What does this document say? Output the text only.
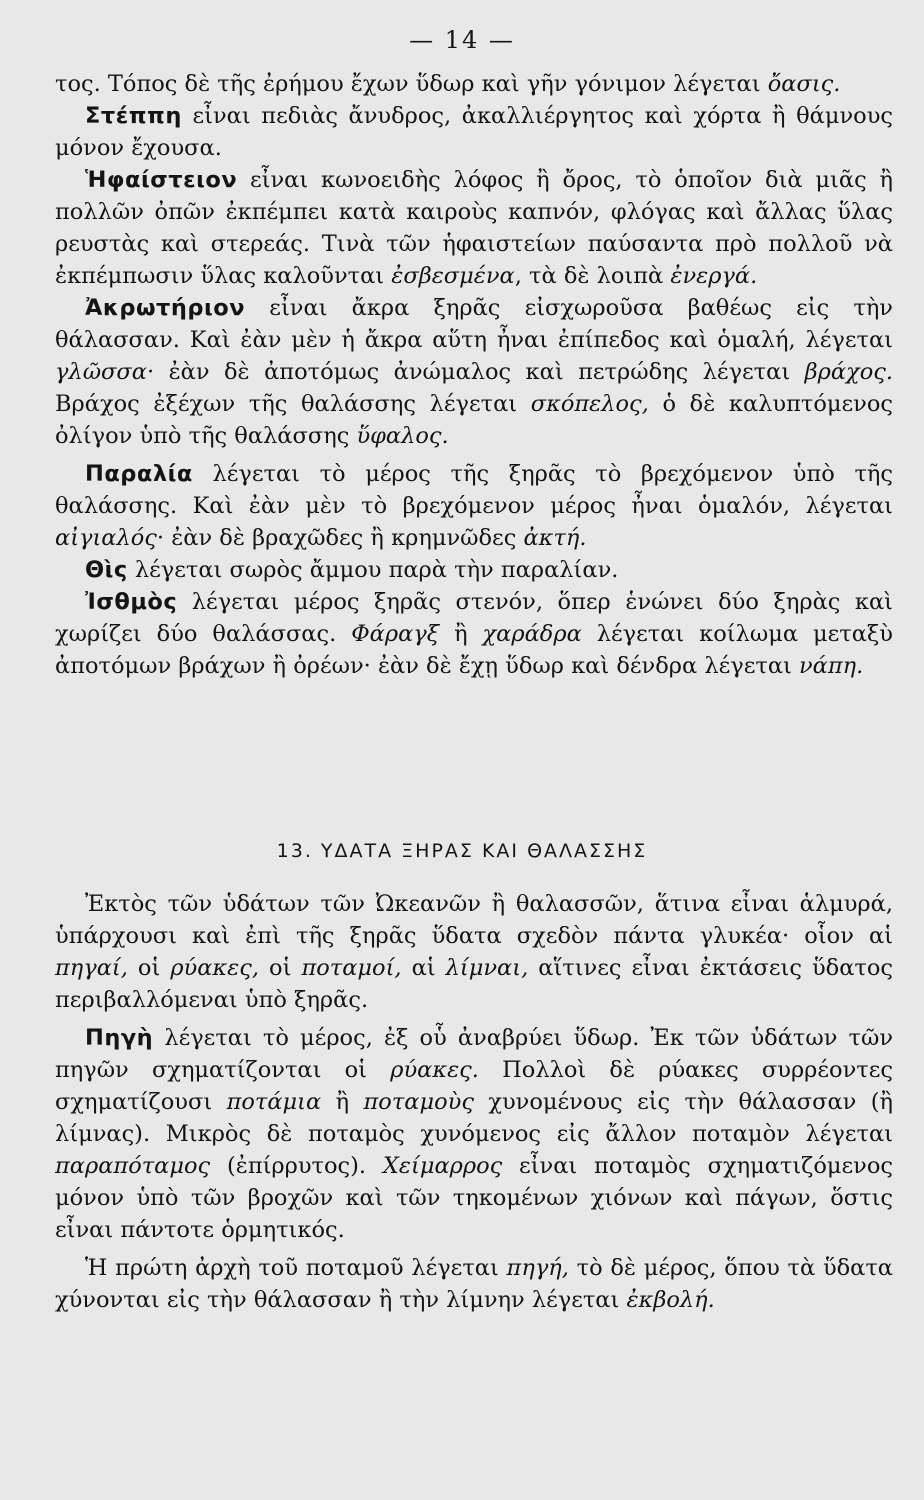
— 14 —

τος. Τόπος δὲ τῆς ἐρήμου ἔχων ὕδωρ καὶ γῆν γόνιμον λέγεται ὄασις.

Στέππη εἶναι πεδιὰς ἄνυδρος, ἀκαλλιέργητος καὶ χόρτα ἢ θάμνους μόνον ἔχουσα.

Ἡφαίστειον εἶναι κωνοειδὴς λόφος ἢ ὄρος, τὸ ὁποῖον διὰ μιᾶς ἢ πολλῶν ὀπῶν ἐκπέμπει κατὰ καιροὺς καπνόν, φλόγας καὶ ἄλλας ὕλας ρευστὰς καὶ στερεάς. Τινὰ τῶν ἡφαιστείων παύσαντα πρὸ πολλοῦ νὰ ἐκπέμπωσιν ὕλας καλοῦνται ἐσβεσμένα, τὰ δὲ λοιπὰ ἐνεργά.

Ἀκρωτήριον εἶναι ἄκρα ξηρᾶς εἰσχωροῦσα βαθέως εἰς τὴν θάλασσαν. Καὶ ἐὰν μὲν ἡ ἄκρα αὕτη ἦναι ἐπίπεδος καὶ ὁμαλή, λέγεται γλῶσσα· ἐὰν δὲ ἀποτόμως ἀνώμαλος καὶ πετρώδης λέγεται βράχος. Βράχος ἐξέχων τῆς θαλάσσης λέγεται σκόπελος, ὁ δὲ καλυπτόμενος ὀλίγον ὑπὸ τῆς θαλάσσης ὕφαλος.

Παραλία λέγεται τὸ μέρος τῆς ξηρᾶς τὸ βρεχόμενον ὑπὸ τῆς θαλάσσης. Καὶ ἐὰν μὲν τὸ βρεχόμενον μέρος ἦναι ὁμαλόν, λέγεται αἰγιαλός· ἐὰν δὲ βραχῶδες ἢ κρημνῶδες ἀκτή.

Θὶς λέγεται σωρὸς ἄμμου παρὰ τὴν παραλίαν.

Ἰσθμὸς λέγεται μέρος ξηρᾶς στενόν, ὅπερ ἑνώνει δύο ξηρὰς καὶ χωρίζει δύο θαλάσσας. Φάραγξ ἢ χαράδρα λέγεται κοίλωμα μεταξὺ ἀποτόμων βράχων ἢ ὀρέων· ἐὰν δὲ ἔχῃ ὕδωρ καὶ δένδρα λέγεται νάπη.

13. ΥΔΑΤΑ ΞΗΡΑΣ ΚΑΙ ΘΑΛΑΣΣΗΣ

Ἐκτὸς τῶν ὑδάτων τῶν Ὠκεανῶν ἢ θαλασσῶν, ἅτινα εἶναι ἁλμυρά, ὑπάρχουσι καὶ ἐπὶ τῆς ξηρᾶς ὕδατα σχεδὸν πάντα γλυκέα· οἷον αἱ πηγαί, οἱ ρύακες, οἱ ποταμοί, αἱ λίμναι, αἵτινες εἶναι ἐκτάσεις ὕδατος περιβαλλόμεναι ὑπὸ ξηρᾶς.

Πηγὴ λέγεται τὸ μέρος, ἐξ οὗ ἀναβρύει ὕδωρ. Ἐκ τῶν ὑδάτων τῶν πηγῶν σχηματίζονται οἱ ρύακες. Πολλοὶ δὲ ρύακες συρρέοντες σχηματίζουσι ποτάμια ἢ ποταμοὺς χυνομένους εἰς τὴν θάλασσαν (ἢ λίμνας). Μικρὸς δὲ ποταμὸς χυνόμενος εἰς ἄλλον ποταμὸν λέγεται παραπόταμος (ἐπίρρυτος). Χείμαρρος εἶναι ποταμὸς σχηματιζόμενος μόνον ὑπὸ τῶν βροχῶν καὶ τῶν τηκομένων χιόνων καὶ πάγων, ὅστις εἶναι πάντοτε ὁρμητικός.

Ἡ πρώτη ἀρχὴ τοῦ ποταμοῦ λέγεται πηγή, τὸ δὲ μέρος, ὅπου τὰ ὕδατα χύνονται εἰς τὴν θάλασσαν ἢ τὴν λίμνην λέγεται ἐκβολή.
